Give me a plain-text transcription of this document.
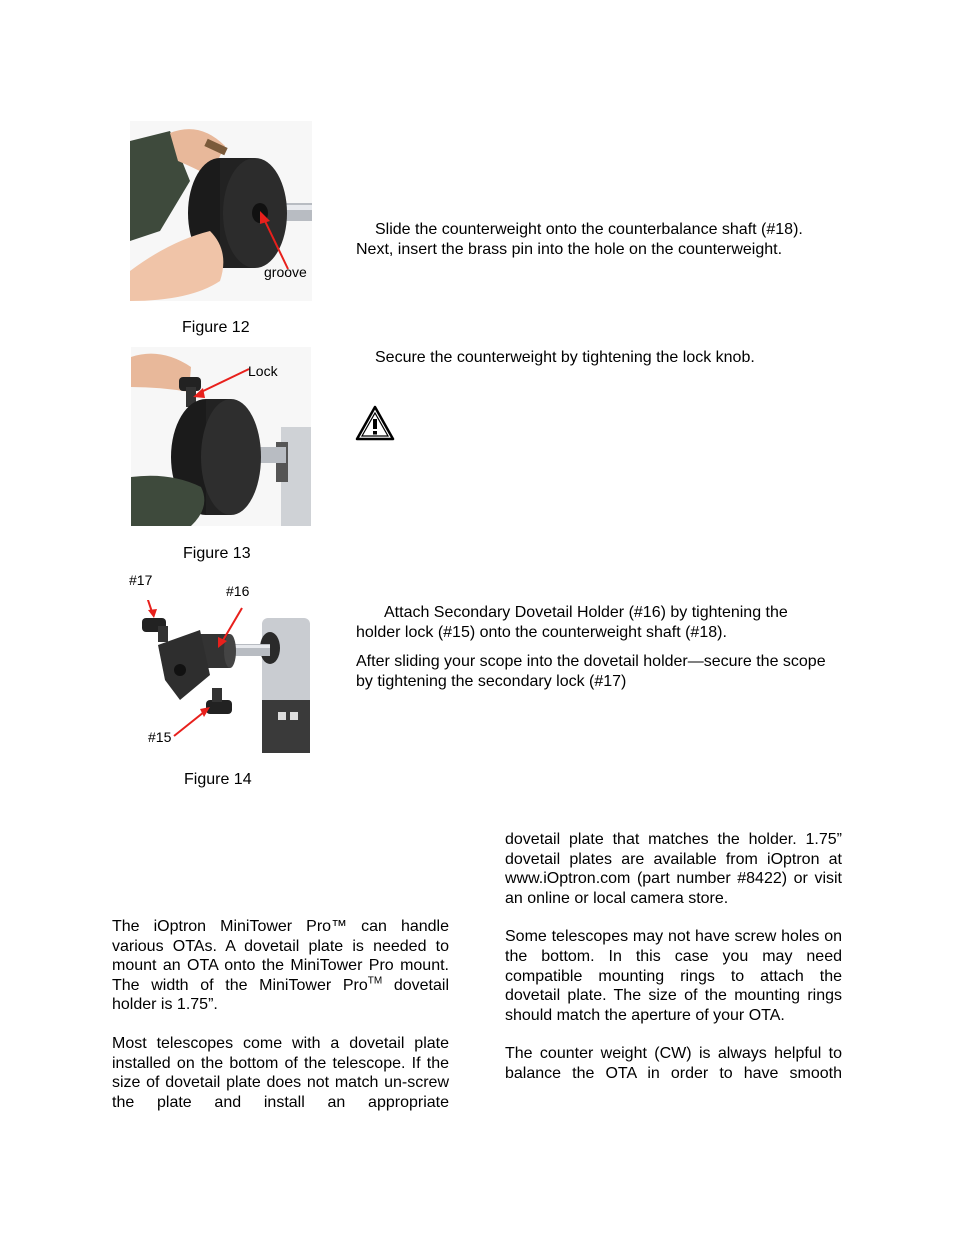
groove
Figure 12
Slide the counterweight onto the counterbalance shaft (#18). Next, insert the brass pin into the hole on the counterweight.
Lock
Figure 13
Secure the counterweight by tightening the lock knob.
#17
#16
#15
Figure 14
Attach Secondary Dovetail Holder (#16) by tightening the holder lock (#15) onto the counterweight shaft (#18).
After sliding your scope into the dovetail holder—secure the scope by tightening the secondary lock (#17)

The iOptron MiniTower Pro™ can handle various OTAs. A dovetail plate is needed to mount an OTA onto the MiniTower Pro mount. The width of the MiniTower Pro™ dovetail holder is 1.75”.

Most telescopes come with a dovetail plate installed on the bottom of the telescope. If the size of dovetail plate does not match un-screw the plate and install an appropriate

dovetail plate that matches the holder. 1.75” dovetail plates are available from iOptron at www.iOptron.com (part number #8422) or visit an online or local camera store.

Some telescopes may not have screw holes on the bottom. In this case you may need compatible mounting rings to attach the dovetail plate. The size of the mounting rings should match the aperture of your OTA.

The counter weight (CW) is always helpful to balance the OTA in order to have smooth
